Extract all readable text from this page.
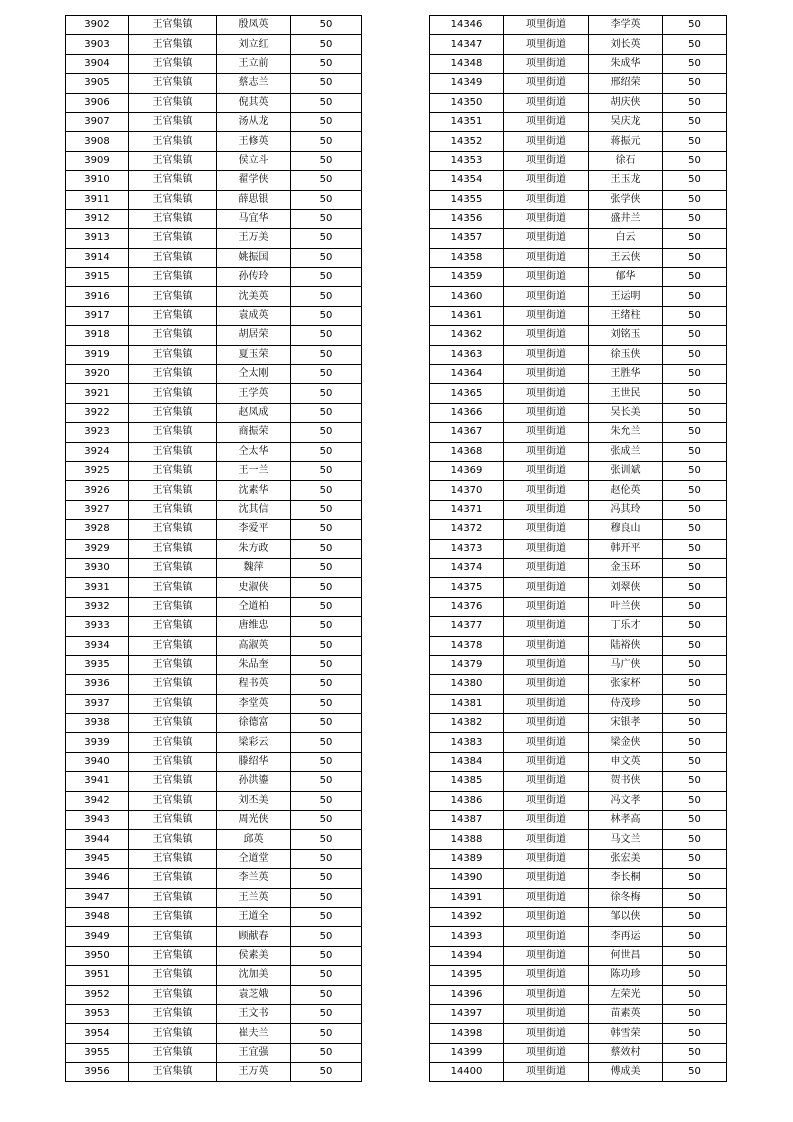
3902	王官集镇	殷凤英	50
3903	王官集镇	刘立红	50
3904	王官集镇	王立前	50
3905	王官集镇	蔡志兰	50
3906	王官集镇	倪其英	50
3907	王官集镇	汤从龙	50
3908	王官集镇	王修英	50
3909	王官集镇	侯立斗	50
3910	王官集镇	翟学侠	50
3911	王官集镇	薛思银	50
3912	王官集镇	马宜华	50
3913	王官集镇	王万美	50
3914	王官集镇	姚振国	50
3915	王官集镇	孙传玲	50
3916	王官集镇	沈美英	50
3917	王官集镇	袁成英	50
3918	王官集镇	胡居荣	50
3919	王官集镇	夏玉荣	50
3920	王官集镇	仝太刚	50
3921	王官集镇	王学英	50
3922	王官集镇	赵凤成	50
3923	王官集镇	商振荣	50
3924	王官集镇	仝太华	50
3925	王官集镇	王一兰	50
3926	王官集镇	沈素华	50
3927	王官集镇	沈其信	50
3928	王官集镇	李爱平	50
3929	王官集镇	朱方政	50
3930	王官集镇	魏萍	50
3931	王官集镇	史淑侠	50
3932	王官集镇	仝道柏	50
3933	王官集镇	唐维忠	50
3934	王官集镇	高淑英	50
3935	王官集镇	朱品奎	50
3936	王官集镇	程书英	50
3937	王官集镇	李堂英	50
3938	王官集镇	徐德富	50
3939	王官集镇	梁彩云	50
3940	王官集镇	滕绍华	50
3941	王官集镇	孙洪鎏	50
3942	王官集镇	刘丕美	50
3943	王官集镇	周光侠	50
3944	王官集镇	邱英	50
3945	王官集镇	仝道堂	50
3946	王官集镇	李兰英	50
3947	王官集镇	王兰英	50
3948	王官集镇	王道全	50
3949	王官集镇	顾献春	50
3950	王官集镇	侯素美	50
3951	王官集镇	沈加美	50
3952	王官集镇	袁芝娥	50
3953	王官集镇	王文书	50
3954	王官集镇	崔夫兰	50
3955	王官集镇	王宜强	50
3956	王官集镇	王万英	50
14346	项里街道	李学英	50
14347	项里街道	刘长英	50
14348	项里街道	朱成华	50
14349	项里街道	邢绍荣	50
14350	项里街道	胡庆侠	50
14351	项里街道	吴庆龙	50
14352	项里街道	蒋振元	50
14353	项里街道	徐石	50
14354	项里街道	王玉龙	50
14355	项里街道	张学侠	50
14356	项里街道	盛井兰	50
14357	项里街道	白云	50
14358	项里街道	王云侠	50
14359	项里街道	郁华	50
14360	项里街道	王运明	50
14361	项里街道	王绪柱	50
14362	项里街道	刘铭玉	50
14363	项里街道	徐玉侠	50
14364	项里街道	王胜华	50
14365	项里街道	王世民	50
14366	项里街道	吴长美	50
14367	项里街道	朱允兰	50
14368	项里街道	张成兰	50
14369	项里街道	张训斌	50
14370	项里街道	赵伦英	50
14371	项里街道	冯其玲	50
14372	项里街道	穆良山	50
14373	项里街道	韩开平	50
14374	项里街道	金玉环	50
14375	项里街道	刘翠侠	50
14376	项里街道	叶兰侠	50
14377	项里街道	丁乐才	50
14378	项里街道	陆裕侠	50
14379	项里街道	马广侠	50
14380	项里街道	张家杯	50
14381	项里街道	侍茂珍	50
14382	项里街道	宋银孝	50
14383	项里街道	梁金侠	50
14384	项里街道	申文英	50
14385	项里街道	贺书侠	50
14386	项里街道	冯文孝	50
14387	项里街道	林孝高	50
14388	项里街道	马文兰	50
14389	项里街道	张宏美	50
14390	项里街道	李长桐	50
14391	项里街道	徐冬梅	50
14392	项里街道	邹以侠	50
14393	项里街道	李再运	50
14394	项里街道	何世昌	50
14395	项里街道	陈功珍	50
14396	项里街道	左荣光	50
14397	项里街道	苗素英	50
14398	项里街道	韩雪荣	50
14399	项里街道	蔡效村	50
14400	项里街道	傅成美	50
